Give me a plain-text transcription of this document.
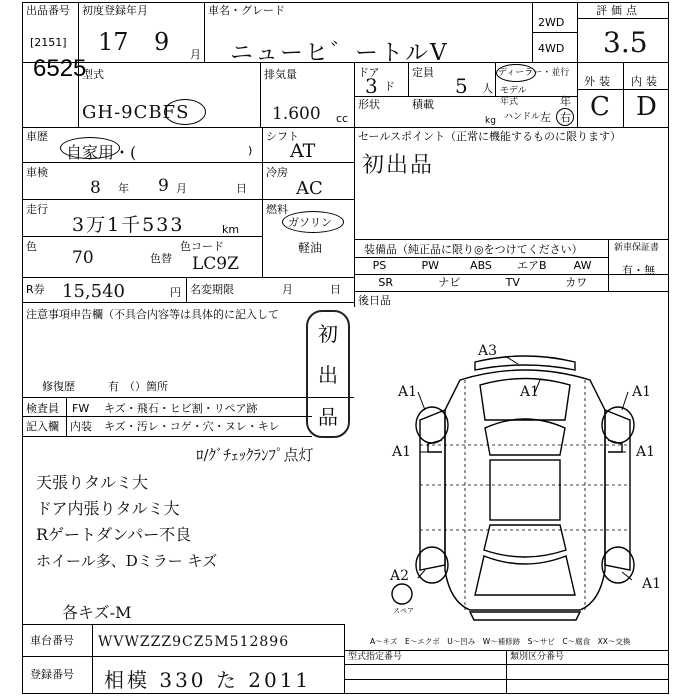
出品番号
[2151]
6525
初度登録年月
17 9 月
車名・グレード
ニューヒ゛ートルV
2WD
4WD
評価点
3.5
外装 内装
C D
型式
GH-9CBFS
排気量
1.600 cc
ドア
3 ド
定員
5 人
ディーラー・並行
モデル年式	年
形状	積載
kg ハンドル 左 右
車歴
自家用・(	)
シフト
AT
セールスポイント（正常に機能するものに限ります）
初出品
車検
8 年 9 月	日
冷房
AC
走行
3万1千533	km
燃料
ガソリン
軽油
色
70	色替
色コード
LC9Z
R券 15,540	円 名変期限	月	日
装備品（純正品に限り◎をつけてください）	新車保証書
有・無
PS	PW	ABS	エアB	AW
SR	ナビ	TV	カワ
後日品
注意事項申告欄（不具合内容等は具体的に記入して
修復歴	有 （）箇所
初
出
品
検査員
記入欄
FW キズ・飛石・ヒビ割・リペア跡
内装 キズ・汚レ・コゲ・穴・ヌレ・キレ
ﾛ/ｸﾞﾁｪｯｸﾗﾝﾌﾟ点灯
天張りタルミ大
ドア内張りタルミ大
Rゲートダンパー不良
ホイール多、Dミラー キズ
各キズ-M
A3
A1	A1	A1
A1	A1
A2	A1
スペア
A～キズ　E～エクボ　U～凹み　W～補修跡　S～サビ　C～腐食　XX～交換
車台番号 WVWZZZ9CZ5M512896
登録番号 相模 330 た 2011
型式指定番号	類別区分番号
